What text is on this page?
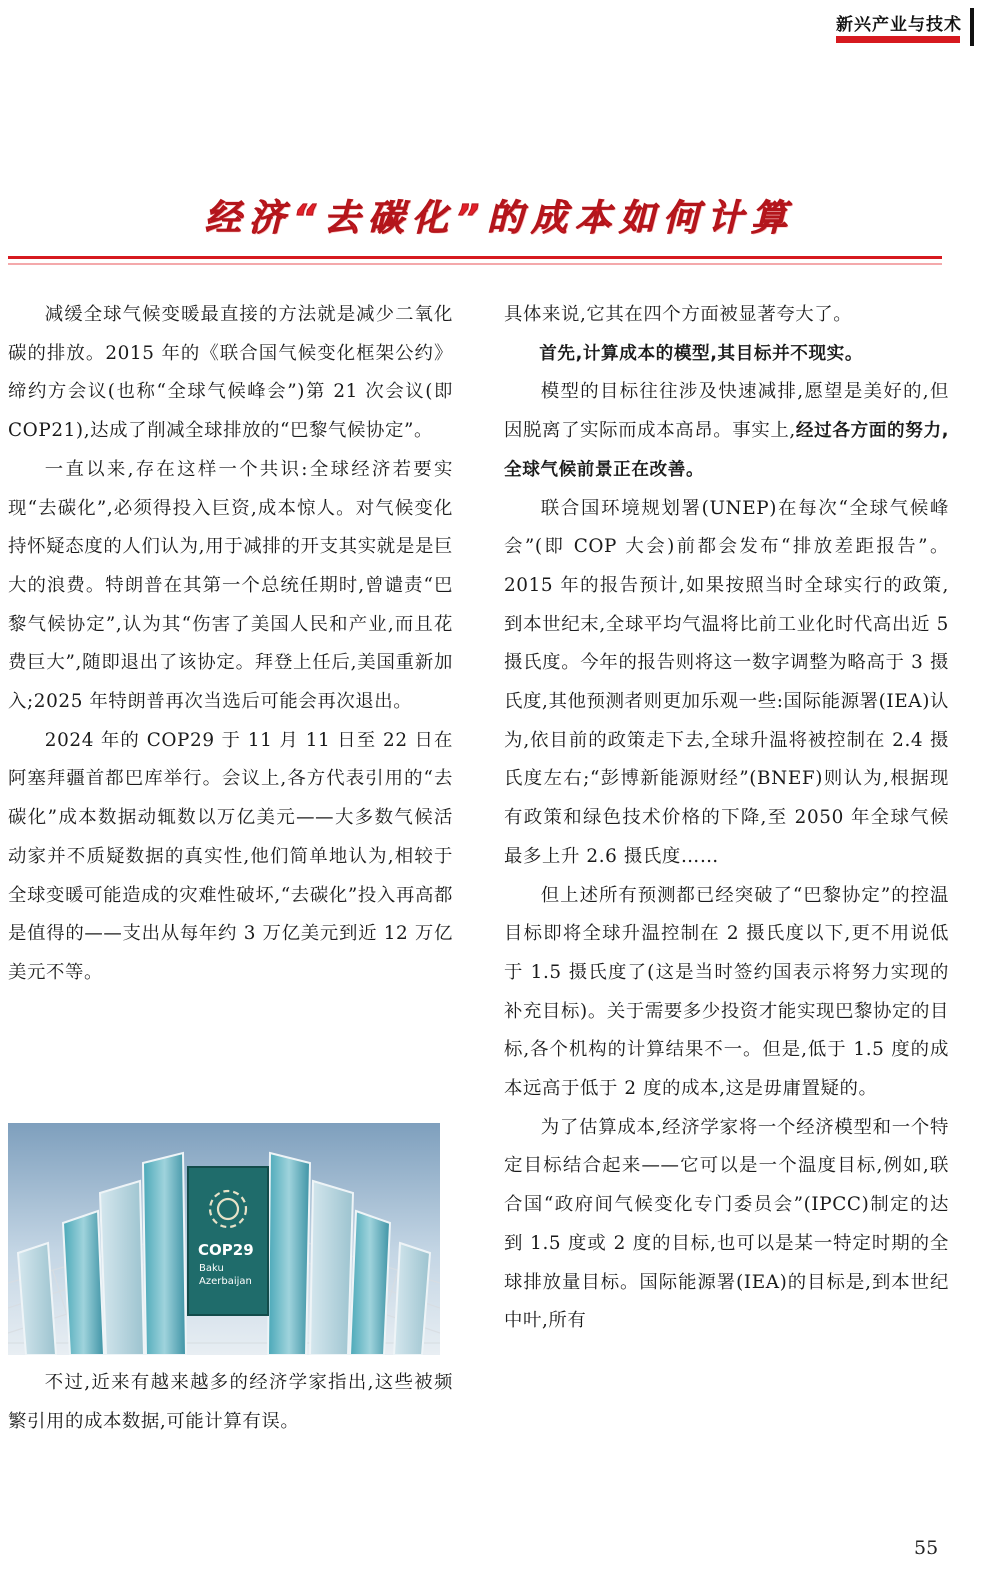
新兴产业与技术
经济“去碳化”的成本如何计算

减缓全球气候变暖最直接的方法就是减少二氧化碳的排放。2015 年的《联合国气候变化框架公约》缔约方会议(也称“全球气候峰会”)第 21 次会议(即 COP21),达成了削减全球排放的“巴黎气候协定”。

一直以来,存在这样一个共识:全球经济若要实现“去碳化”,必须得投入巨资,成本惊人。对气候变化持怀疑态度的人们认为,用于减排的开支其实就是是巨大的浪费。特朗普在其第一个总统任期时,曾谴责“巴黎气候协定”,认为其“伤害了美国人民和产业,而且花费巨大”,随即退出了该协定。拜登上任后,美国重新加入;2025 年特朗普再次当选后可能会再次退出。

2024 年的 COP29 于 11 月 11 日至 22 日在阿塞拜疆首都巴库举行。会议上,各方代表引用的“去碳化”成本数据动辄数以万亿美元——大多数气候活动家并不质疑数据的真实性,他们简单地认为,相较于全球变暖可能造成的灾难性破坏,“去碳化”投入再高都是值得的——支出从每年约 3 万亿美元到近 12 万亿美元不等。

COP29
Baku
Azerbaijan

不过,近来有越来越多的经济学家指出,这些被频繁引用的成本数据,可能计算有误。

具体来说,它其在四个方面被显著夸大了。

首先,计算成本的模型,其目标并不现实。

模型的目标往往涉及快速减排,愿望是美好的,但因脱离了实际而成本高昂。事实上,经过各方面的努力,全球气候前景正在改善。

联合国环境规划署(UNEP)在每次“全球气候峰会”(即 COP 大会)前都会发布“排放差距报告”。2015 年的报告预计,如果按照当时全球实行的政策,到本世纪末,全球平均气温将比前工业化时代高出近 5 摄氏度。今年的报告则将这一数字调整为略高于 3 摄氏度,其他预测者则更加乐观一些:国际能源署(IEA)认为,依目前的政策走下去,全球升温将被控制在 2.4 摄氏度左右;“彭博新能源财经”(BNEF)则认为,根据现有政策和绿色技术价格的下降,至 2050 年全球气候最多上升 2.6 摄氏度……

但上述所有预测都已经突破了“巴黎协定”的控温目标即将全球升温控制在 2 摄氏度以下,更不用说低于 1.5 摄氏度了(这是当时签约国表示将努力实现的补充目标)。关于需要多少投资才能实现巴黎协定的目标,各个机构的计算结果不一。但是,低于 1.5 度的成本远高于低于 2 度的成本,这是毋庸置疑的。

为了估算成本,经济学家将一个经济模型和一个特定目标结合起来——它可以是一个温度目标,例如,联合国“政府间气候变化专门委员会”(IPCC)制定的达到 1.5 度或 2 度的目标,也可以是某一特定时期的全球排放量目标。国际能源署(IEA)的目标是,到本世纪中叶,所有

55
